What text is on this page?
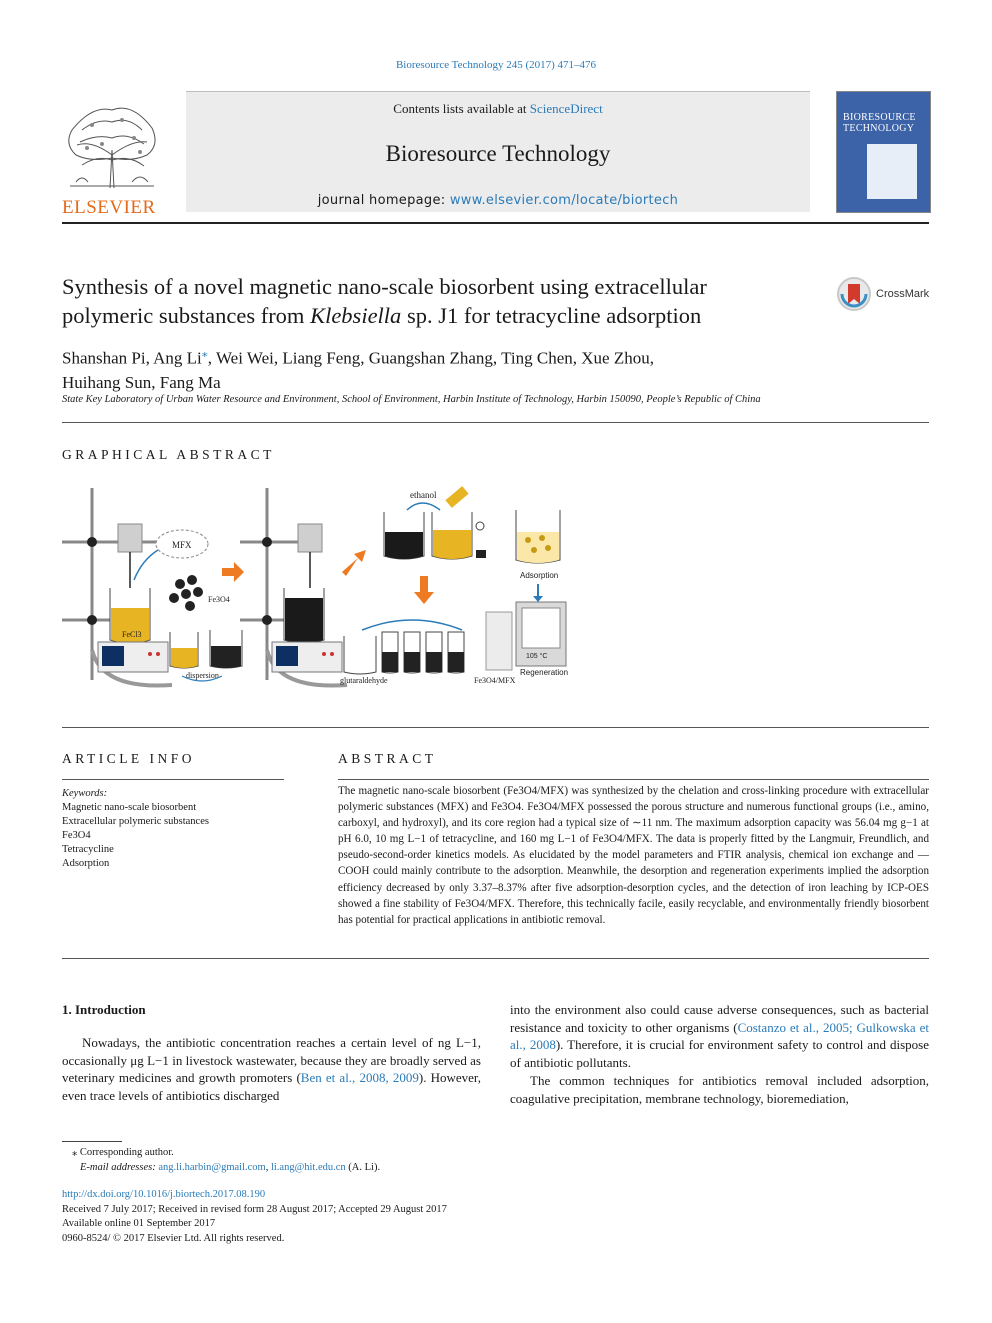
Bioresource Technology 245 (2017) 471–476
ELSEVIER
Contents lists available at ScienceDirect
Bioresource Technology
journal homepage: www.elsevier.com/locate/biortech
BIORESOURCE
TECHNOLOGY
Synthesis of a novel magnetic nano-scale biosorbent using extracellular polymeric substances from Klebsiella sp. J1 for tetracycline adsorption
CrossMark
Shanshan Pi, Ang Li⁎, Wei Wei, Liang Feng, Guangshan Zhang, Ting Chen, Xue Zhou,
Huihang Sun, Fang Ma
State Key Laboratory of Urban Water Resource and Environment, School of Environment, Harbin Institute of Technology, Harbin 150090, People’s Republic of China
GRAPHICAL ABSTRACT
FeCl3
MFX
Fe3O4
dispersion
ethanol
Adsorption
glutaraldehyde	Fe3O4/MFX
105 °C
Regeneration
ARTICLE INFO
Keywords:
Magnetic nano-scale biosorbent
Extracellular polymeric substances
Fe3O4
Tetracycline
Adsorption
ABSTRACT
The magnetic nano-scale biosorbent (Fe3O4/MFX) was synthesized by the chelation and cross-linking procedure with extracellular polymeric substances (MFX) and Fe3O4. Fe3O4/MFX possessed the porous structure and numerous functional groups (i.e., amino, carboxyl, and hydroxyl), and its core region had a typical size of ∼11 nm. The maximum adsorption capacity was 56.04 mg g−1 at pH 6.0, 10 mg L−1 of tetracycline, and 160 mg L−1 of Fe3O4/MFX. The data is properly fitted by the Langmuir, Freundlich, and pseudo-second-order kinetics models. As elucidated by the model parameters and FTIR analysis, chemical ion exchange and —COOH could mainly contribute to the adsorption. Meanwhile, the desorption and regeneration experiments implied the adsorption efficiency decreased by only 3.37–8.37% after five adsorption-desorption cycles, and the detection of iron leaching by ICP-OES showed a fine stability of Fe3O4/MFX. Therefore, this technically facile, easily recyclable, and environmentally friendly biosorbent has potential for practical applications in antibiotic removal.
1. Introduction
Nowadays, the antibiotic concentration reaches a certain level of ng L−1, occasionally μg L−1 in livestock wastewater, because they are broadly served as veterinary medicines and growth promoters (Ben et al., 2008, 2009). However, even trace levels of antibiotics discharged
into the environment also could cause adverse consequences, such as bacterial resistance and toxicity to other organisms (Costanzo et al., 2005; Gulkowska et al., 2008). Therefore, it is crucial for environment safety to control and dispose of antibiotic pollutants.
The common techniques for antibiotics removal included adsorption, coagulative precipitation, membrane technology, bioremediation,
⁎ Corresponding author.
E-mail addresses: ang.li.harbin@gmail.com, li.ang@hit.edu.cn (A. Li).
http://dx.doi.org/10.1016/j.biortech.2017.08.190
Received 7 July 2017; Received in revised form 28 August 2017; Accepted 29 August 2017
Available online 01 September 2017
0960-8524/ © 2017 Elsevier Ltd. All rights reserved.
